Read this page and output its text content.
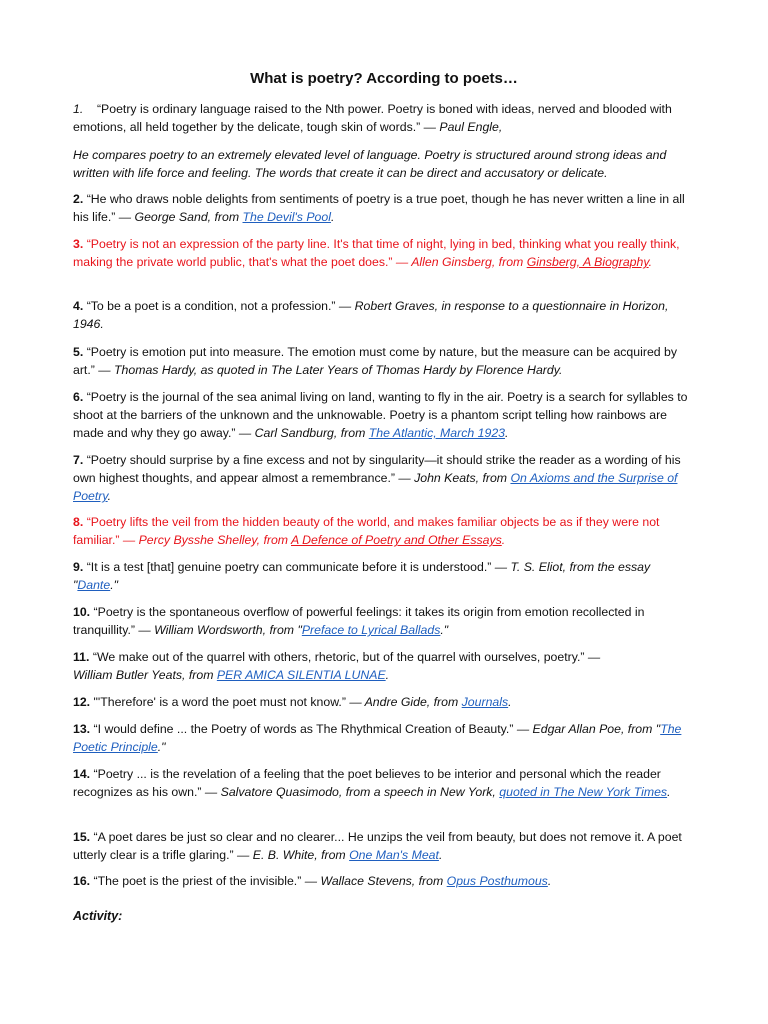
What is poetry? According to poets…

1. “Poetry is ordinary language raised to the Nth power. Poetry is boned with ideas, nerved and blooded with emotions, all held together by the delicate, tough skin of words.” — Paul Engle,

He compares poetry to an extremely elevated level of language. Poetry is structured around strong ideas and written with life force and feeling. The words that create it can be direct and accusatory or delicate.

2. “He who draws noble delights from sentiments of poetry is a true poet, though he has never written a line in all his life.” — George Sand, from The Devil's Pool.

3. “Poetry is not an expression of the party line. It's that time of night, lying in bed, thinking what you really think, making the private world public, that's what the poet does.” — Allen Ginsberg, from Ginsberg, A Biography.

4. “To be a poet is a condition, not a profession.” — Robert Graves, in response to a questionnaire in Horizon, 1946.

5. “Poetry is emotion put into measure. The emotion must come by nature, but the measure can be acquired by art.” — Thomas Hardy, as quoted in The Later Years of Thomas Hardy by Florence Hardy.

6. “Poetry is the journal of the sea animal living on land, wanting to fly in the air. Poetry is a search for syllables to shoot at the barriers of the unknown and the unknowable. Poetry is a phantom script telling how rainbows are made and why they go away.” — Carl Sandburg, from The Atlantic, March 1923.

7. “Poetry should surprise by a fine excess and not by singularity—it should strike the reader as a wording of his own highest thoughts, and appear almost a remembrance.” — John Keats, from On Axioms and the Surprise of Poetry.

8. “Poetry lifts the veil from the hidden beauty of the world, and makes familiar objects be as if they were not familiar.” — Percy Bysshe Shelley, from A Defence of Poetry and Other Essays.

9. “It is a test [that] genuine poetry can communicate before it is understood.” — T. S. Eliot, from the essay "Dante."

10. “Poetry is the spontaneous overflow of powerful feelings: it takes its origin from emotion recollected in tranquillity.” — William Wordsworth, from "Preface to Lyrical Ballads."

11. “We make out of the quarrel with others, rhetoric, but of the quarrel with ourselves, poetry.” — William Butler Yeats, from PER AMICA SILENTIA LUNAE.

12. "'Therefore' is a word the poet must not know.” — Andre Gide, from Journals.

13. “I would define ... the Poetry of words as The Rhythmical Creation of Beauty.” — Edgar Allan Poe, from "The Poetic Principle."

14. “Poetry ... is the revelation of a feeling that the poet believes to be interior and personal which the reader recognizes as his own.” — Salvatore Quasimodo, from a speech in New York, quoted in The New York Times.

15. “A poet dares be just so clear and no clearer... He unzips the veil from beauty, but does not remove it. A poet utterly clear is a trifle glaring.” — E. B. White, from One Man's Meat.

16. “The poet is the priest of the invisible.” — Wallace Stevens, from Opus Posthumous.

Activity:
